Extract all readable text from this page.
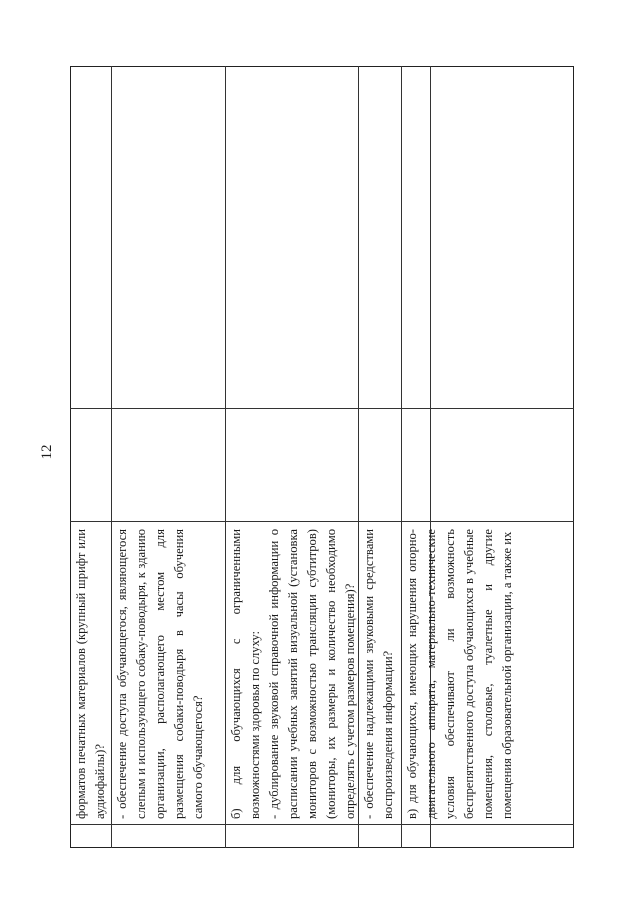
12

форматов печатных материалов (крупный шрифт или аудиофайлы)? - обеспечение доступа обучающегося, являющегося слепым и использующего собаку-поводыря, к зданию организации, располагающего местом для размещения собаки-поводыря в часы обучения самого обучающегося? б) для обучающихся с ограниченными возможностями здоровья по слуху: - дублирование звуковой справочной информации о расписании учебных занятий визуальной (установка мониторов с возможностью трансляции субтитров) (мониторы, их размеры и количество необходимо определять с учетом размеров помещения)? - обеспечение надлежащими звуковыми средствами воспроизведения информации? в) для обучающихся, имеющих нарушения опорно-двигательного аппарата, материально-технические условия обеспечивают ли возможность беспрепятственного доступа обучающихся в учебные помещения, столовые, туалетные и другие помещения образовательной организации, а также их
